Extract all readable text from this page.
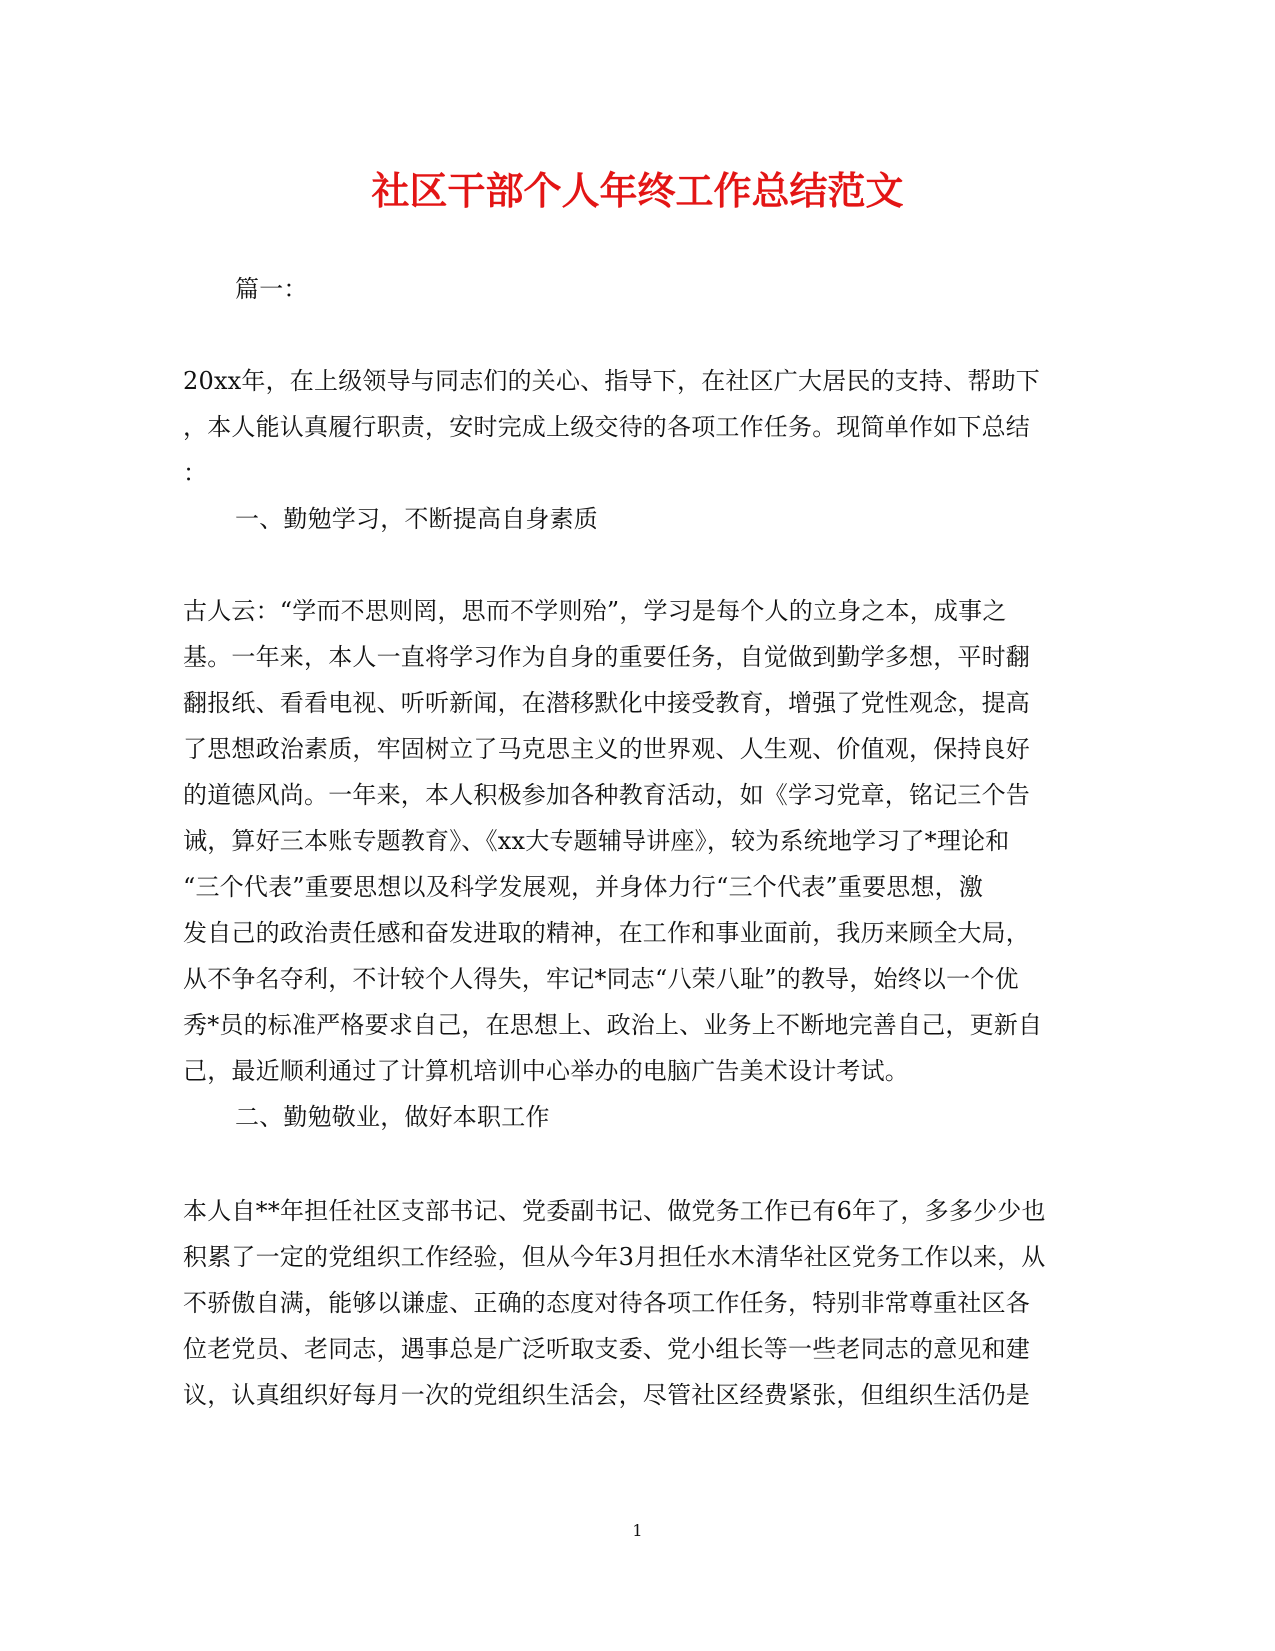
社区干部个人年终工作总结范文
篇一：
20xx年，在上级领导与同志们的关心、指导下，在社区广大居民的支持、帮助下
，本人能认真履行职责，安时完成上级交待的各项工作任务。现简单作如下总结
：
一、勤勉学习，不断提高自身素质
古人云：“学而不思则罔，思而不学则殆”，学习是每个人的立身之本，成事之
基。一年来，本人一直将学习作为自身的重要任务，自觉做到勤学多想，平时翻
翻报纸、看看电视、听听新闻，在潜移默化中接受教育，增强了党性观念，提高
了思想政治素质，牢固树立了马克思主义的世界观、人生观、价值观，保持良好
的道德风尚。一年来，本人积极参加各种教育活动，如《学习党章，铭记三个告
诫，算好三本账专题教育》、《xx大专题辅导讲座》，较为系统地学习了*理论和
“三个代表”重要思想以及科学发展观，并身体力行“三个代表”重要思想，激
发自己的政治责任感和奋发进取的精神，在工作和事业面前，我历来顾全大局，
从不争名夺利，不计较个人得失，牢记*同志“八荣八耻”的教导，始终以一个优
秀*员的标准严格要求自己，在思想上、政治上、业务上不断地完善自己，更新自
己，最近顺利通过了计算机培训中心举办的电脑广告美术设计考试。
二、勤勉敬业，做好本职工作
本人自**年担任社区支部书记、党委副书记、做党务工作已有6年了，多多少少也
积累了一定的党组织工作经验，但从今年3月担任水木清华社区党务工作以来，从
不骄傲自满，能够以谦虚、正确的态度对待各项工作任务，特别非常尊重社区各
位老党员、老同志，遇事总是广泛听取支委、党小组长等一些老同志的意见和建
议，认真组织好每月一次的党组织生活会，尽管社区经费紧张，但组织生活仍是
1
